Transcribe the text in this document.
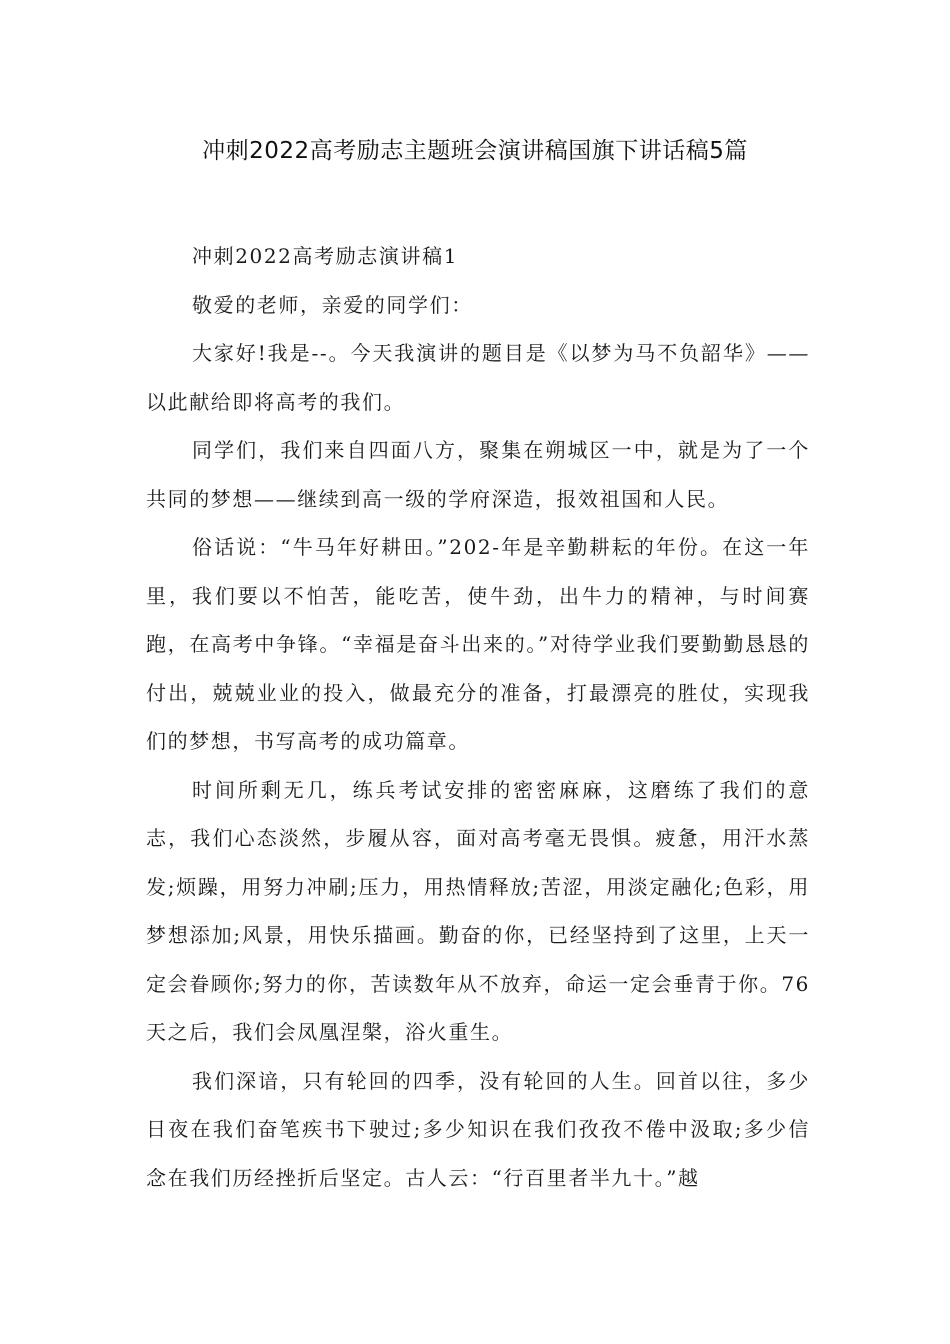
冲刺2022高考励志主题班会演讲稿国旗下讲话稿5篇

冲刺2022高考励志演讲稿1

敬爱的老师，亲爱的同学们：

大家好!我是--。今天我演讲的题目是《以梦为马不负韶华》——以此献给即将高考的我们。

同学们，我们来自四面八方，聚集在朔城区一中，就是为了一个共同的梦想——继续到高一级的学府深造，报效祖国和人民。

俗话说：“牛马年好耕田。”202-年是辛勤耕耘的年份。在这一年里，我们要以不怕苦，能吃苦，使牛劲，出牛力的精神，与时间赛跑，在高考中争锋。“幸福是奋斗出来的。”对待学业我们要勤勤恳恳的付出，兢兢业业的投入，做最充分的准备，打最漂亮的胜仗，实现我们的梦想，书写高考的成功篇章。

时间所剩无几，练兵考试安排的密密麻麻，这磨练了我们的意志，我们心态淡然，步履从容，面对高考毫无畏惧。疲惫，用汗水蒸发;烦躁，用努力冲刷;压力，用热情释放;苦涩，用淡定融化;色彩，用梦想添加;风景，用快乐描画。勤奋的你，已经坚持到了这里，上天一定会眷顾你;努力的你，苦读数年从不放弃，命运一定会垂青于你。76天之后，我们会凤凰涅槃，浴火重生。

我们深谙，只有轮回的四季，没有轮回的人生。回首以往，多少日夜在我们奋笔疾书下驶过;多少知识在我们孜孜不倦中汲取;多少信念在我们历经挫折后坚定。古人云：“行百里者半九十。”越
